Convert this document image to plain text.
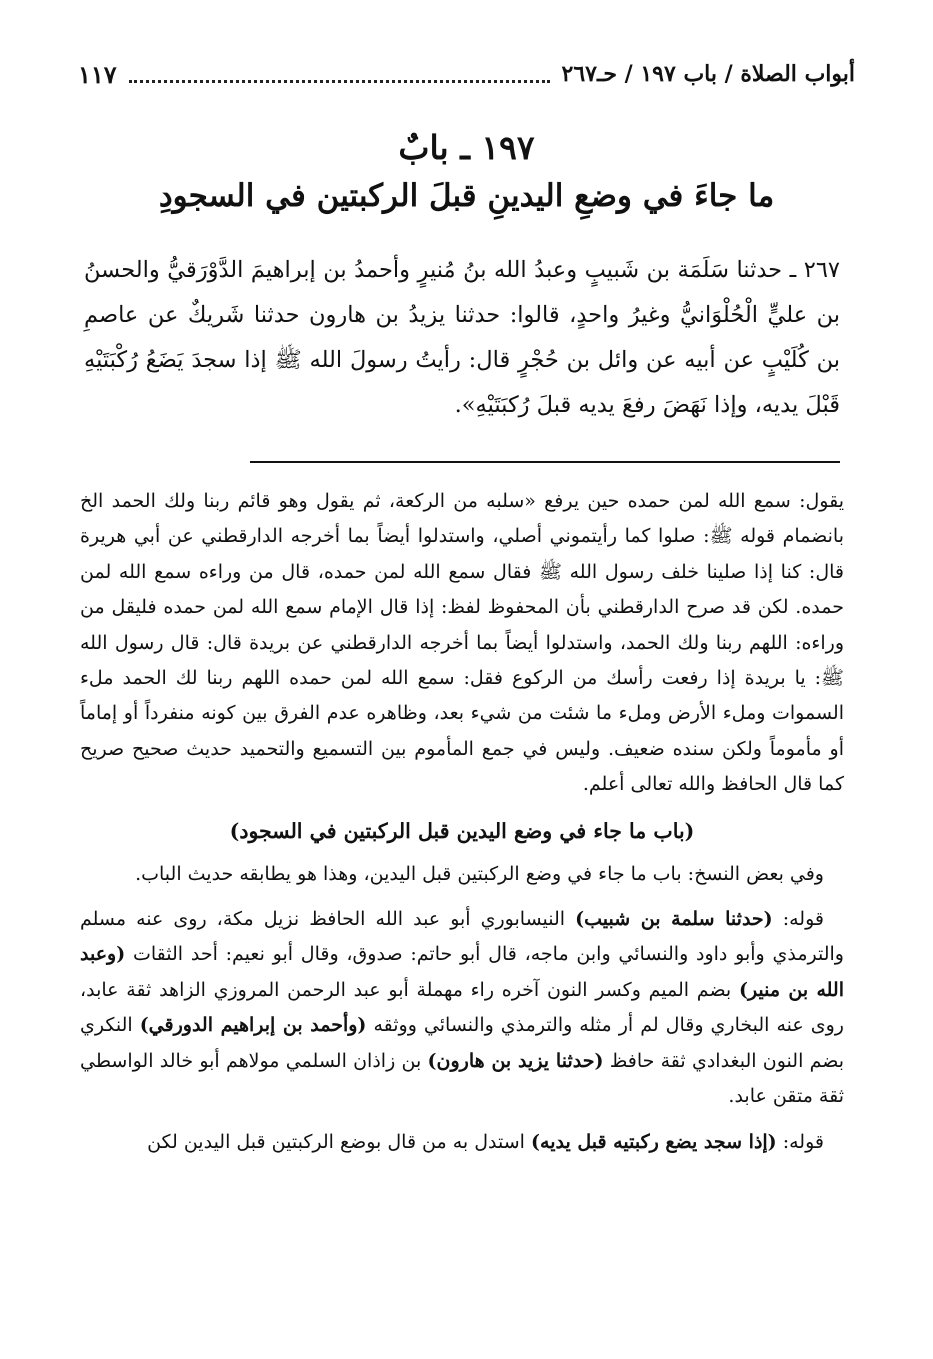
أبواب الصلاة / باب ١٩٧ / حـ٢٦٧
١١٧
١٩٧ ـ بابٌ
ما جاءَ في وضعِ اليدينِ قبلَ الركبتين في السجودِ

٢٦٧ ـ حدثنا سَلَمَة بن شَبيبٍ وعبدُ الله بنُ مُنيرٍ وأحمدُ بن إبراهيمَ الدَّوْرَقيُّ والحسنُ بن عليٍّ الْحُلْوَانيُّ وغيرُ واحدٍ، قالوا: حدثنا يزيدُ بن هارون حدثنا شَريكٌ عن عاصمِ بن كُلَيْبٍ عن أبيه عن وائل بن حُجْرٍ قال: رأيتُ رسولَ الله ﷺ إذا سجدَ يَضَعُ رُكْبَتَيْهِ قَبْلَ يديه، وإذا نَهَضَ رفعَ يديه قبلَ رُكبَتَيْهِ».

يقول: سمع الله لمن حمده حين يرفع «سلبه من الركعة، ثم يقول وهو قائم ربنا ولك الحمد الخ بانضمام قوله ﷺ: صلوا كما رأيتموني أصلي، واستدلوا أيضاً بما أخرجه الدارقطني عن أبي هريرة قال: كنا إذا صلينا خلف رسول الله ﷺ فقال سمع الله لمن حمده، قال من وراءه سمع الله لمن حمده. لكن قد صرح الدارقطني بأن المحفوظ لفظ: إذا قال الإمام سمع الله لمن حمده فليقل من وراءه: اللهم ربنا ولك الحمد، واستدلوا أيضاً بما أخرجه الدارقطني عن بريدة قال: قال رسول الله ﷺ: يا بريدة إذا رفعت رأسك من الركوع فقل: سمع الله لمن حمده اللهم ربنا لك الحمد ملء السموات وملء الأرض وملء ما شئت من شيء بعد، وظاهره عدم الفرق بين كونه منفرداً أو إماماً أو مأموماً ولكن سنده ضعيف. وليس في جمع المأموم بين التسميع والتحميد حديث صحيح صريح كما قال الحافظ والله تعالى أعلم.

(باب ما جاء في وضع اليدين قبل الركبتين في السجود)

وفي بعض النسخ: باب ما جاء في وضع الركبتين قبل اليدين، وهذا هو يطابقه حديث الباب.

قوله: (حدثنا سلمة بن شبيب) النيسابوري أبو عبد الله الحافظ نزيل مكة، روى عنه مسلم والترمذي وأبو داود والنسائي وابن ماجه، قال أبو حاتم: صدوق، وقال أبو نعيم: أحد الثقات (وعبد الله بن منير) بضم الميم وكسر النون آخره راء مهملة أبو عبد الرحمن المروزي الزاهد ثقة عابد، روى عنه البخاري وقال لم أر مثله والترمذي والنسائي ووثقه (وأحمد بن إبراهيم الدورقي) النكري بضم النون البغدادي ثقة حافظ (حدثنا يزيد بن هارون) بن زاذان السلمي مولاهم أبو خالد الواسطي ثقة متقن عابد.

قوله: (إذا سجد يضع ركبتيه قبل يديه) استدل به من قال بوضع الركبتين قبل اليدين لكن
